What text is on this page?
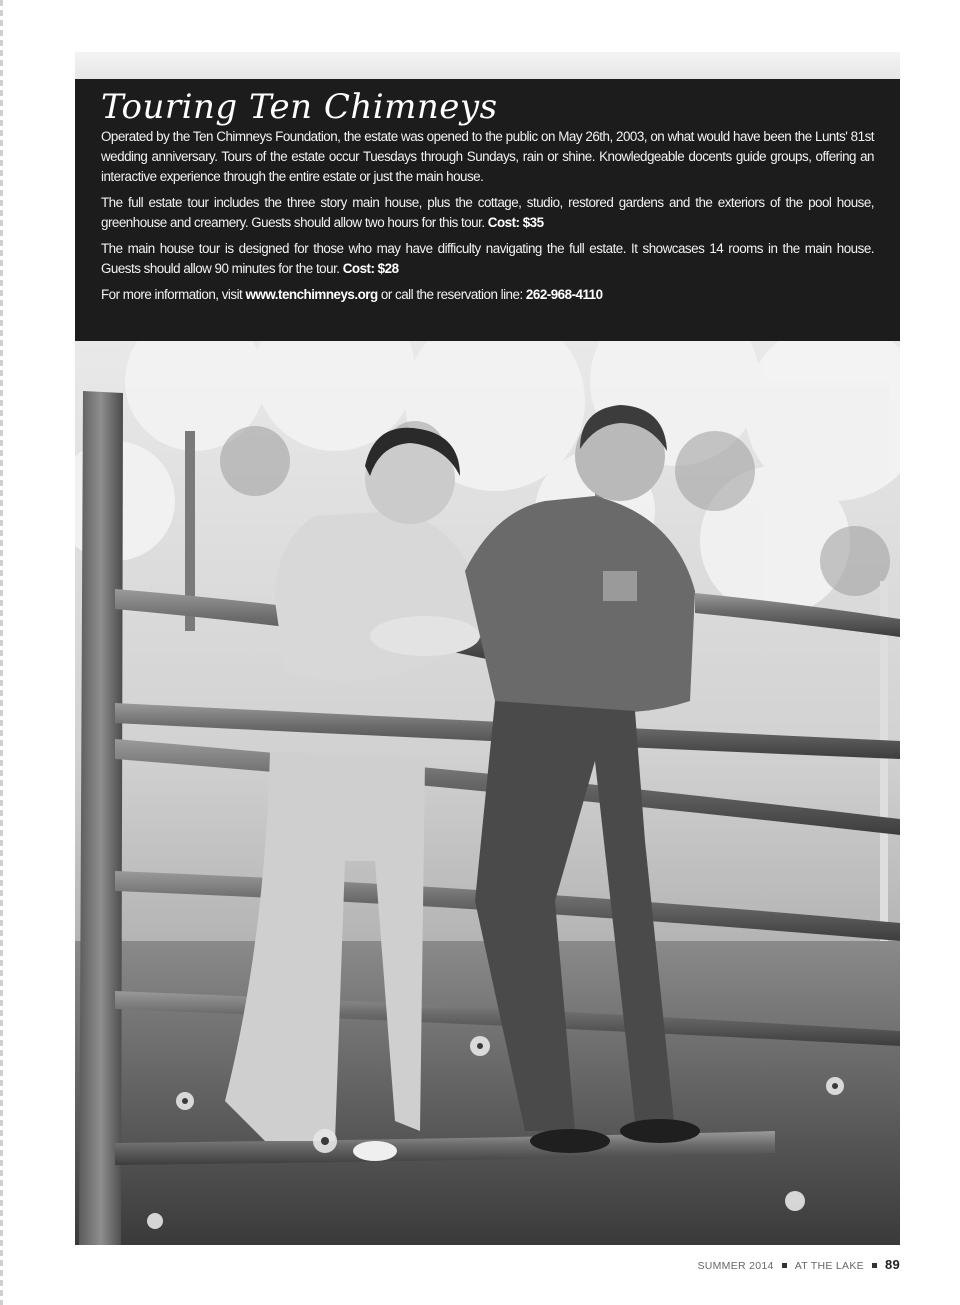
Touring Ten Chimneys

Operated by the Ten Chimneys Foundation, the estate was opened to the public on May 26th, 2003, on what would have been the Lunts' 81st wedding anniversary. Tours of the estate occur Tuesdays through Sundays, rain or shine. Knowledgeable docents guide groups, offering an interactive experience through the entire estate or just the main house.

The full estate tour includes the three story main house, plus the cottage, studio, restored gardens and the exteriors of the pool house, greenhouse and creamery. Guests should allow two hours for this tour. Cost: $35

The main house tour is designed for those who may have difficulty navigating the full estate. It showcases 14 rooms in the main house. Guests should allow 90 minutes for the tour. Cost: $28

For more information, visit www.tenchimneys.org or call the reservation line: 262-968-4110

SUMMER 2014 AT THE LAKE 89
